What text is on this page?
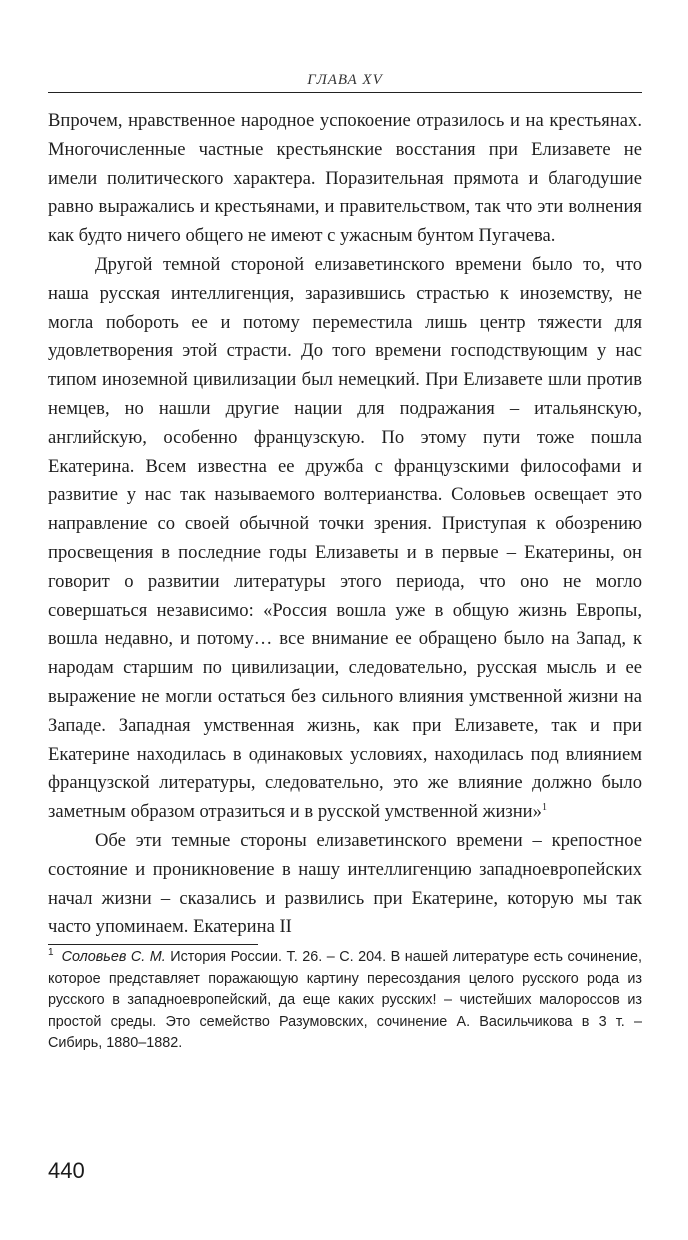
ГЛАВА XV

Впрочем, нравственное народное успокоение отразилось и на крестьянах. Многочисленные частные крестьянские восстания при Елизавете не имели политического характера. Поразительная прямота и благодушие равно выражались и крестьянами, и правительством, так что эти волнения как будто ничего общего не имеют с ужасным бунтом Пугачева.

Другой темной стороной елизаветинского времени было то, что наша русская интеллигенция, заразившись страстью к иноземству, не могла побороть ее и потому переместила лишь центр тяжести для удовлетворения этой страсти. До того времени господствующим у нас типом иноземной цивилизации был немецкий. При Елизавете шли против немцев, но нашли другие нации для подражания – итальянскую, английскую, особенно французскую. По этому пути тоже пошла Екатерина. Всем известна ее дружба с французскими философами и развитие у нас так называемого волтерианства. Соловьев освещает это направление со своей обычной точки зрения. Приступая к обозрению просвещения в последние годы Елизаветы и в первые – Екатерины, он говорит о развитии литературы этого периода, что оно не могло совершаться независимо: «Россия вошла уже в общую жизнь Европы, вошла недавно, и потому… все внимание ее обращено было на Запад, к народам старшим по цивилизации, следовательно, русская мысль и ее выражение не могли остаться без сильного влияния умственной жизни на Западе. Западная умственная жизнь, как при Елизавете, так и при Екатерине находилась в одинаковых условиях, находилась под влиянием французской литературы, следовательно, это же влияние должно было заметным образом отразиться и в русской умственной жизни»$^1$

Обе эти темные стороны елизаветинского времени – крепостное состояние и проникновение в нашу интеллигенцию западноевропейских начал жизни – сказались и развились при Екатерине, которую мы так часто упоминаем. Екатерина II

$^1$ Соловьев С. М. История России. Т. 26. – С. 204. В нашей литературе есть сочинение, которое представляет поражающую картину пересоздания целого русского рода из русского в западноевропейский, да еще каких русских! – чистейших малороссов из простой среды. Это семейство Разумовских, сочинение А. Васильчикова в 3 т. – Сибирь, 1880–1882.
440
